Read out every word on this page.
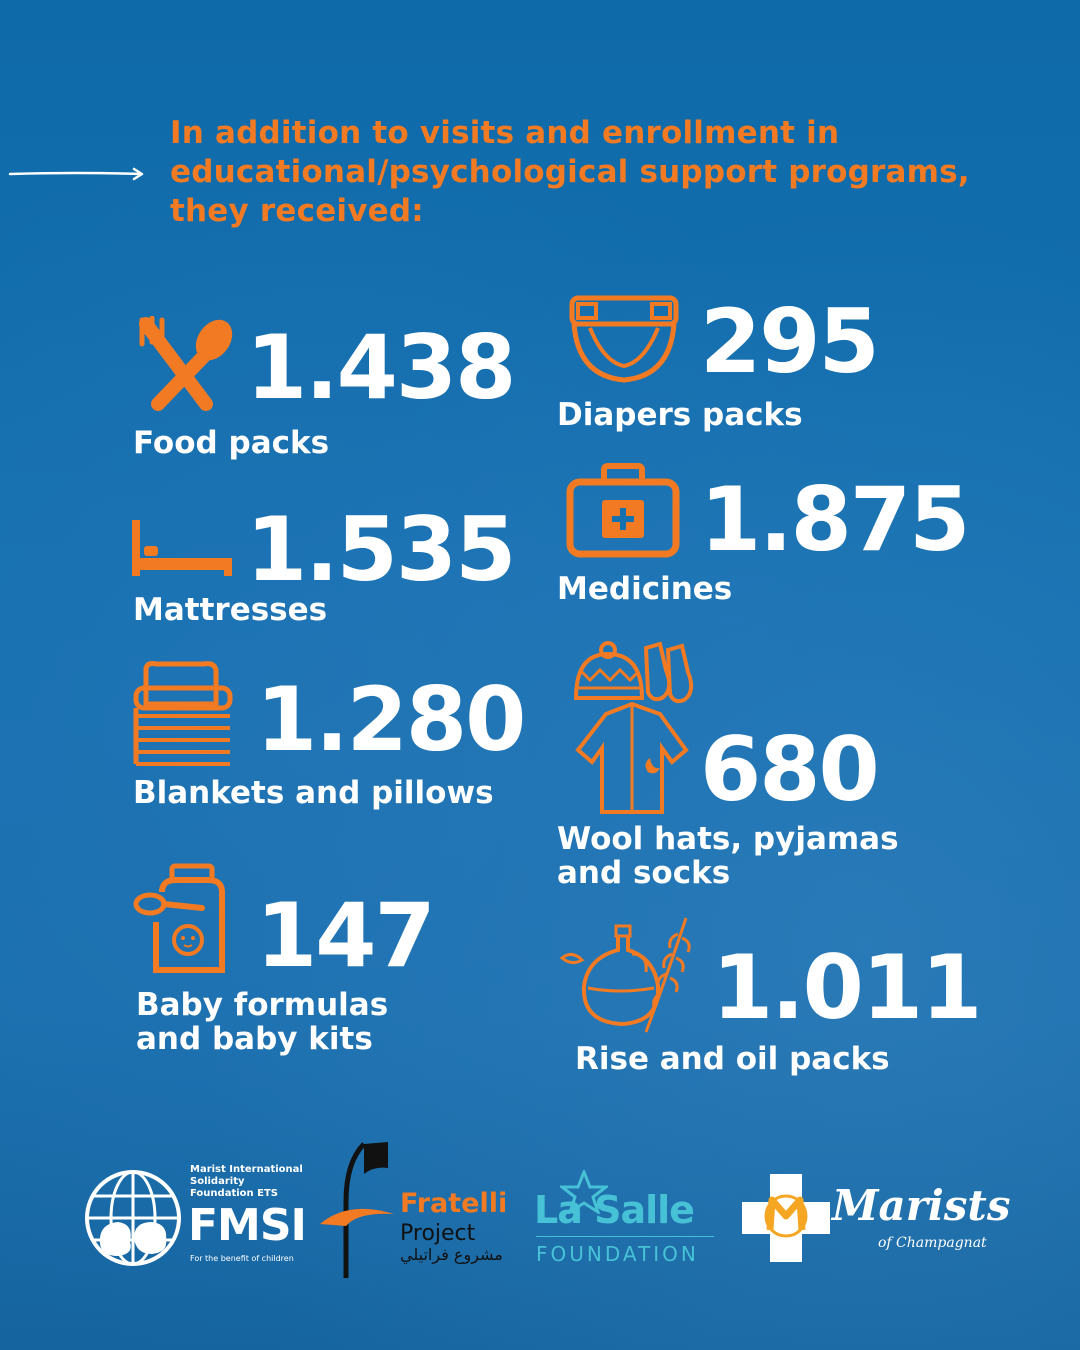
In addition to visits and enrollment in educational/psychological support programs, they received:
1.438
Food packs
295
Diapers packs
1.535
Mattresses
1.875
Medicines
1.280
Blankets and pillows 680
Wool hats, pyjamas
and socks
147
Baby formulas
and baby kits	1.011
Rise and oil packs
Marist International
Solidarity
Foundation ETS
FMSI
For the benefit of children
Fratelli
Project
مشروع فراتيلي
La Salle
FOUNDATION
Marists
of Champagnat
